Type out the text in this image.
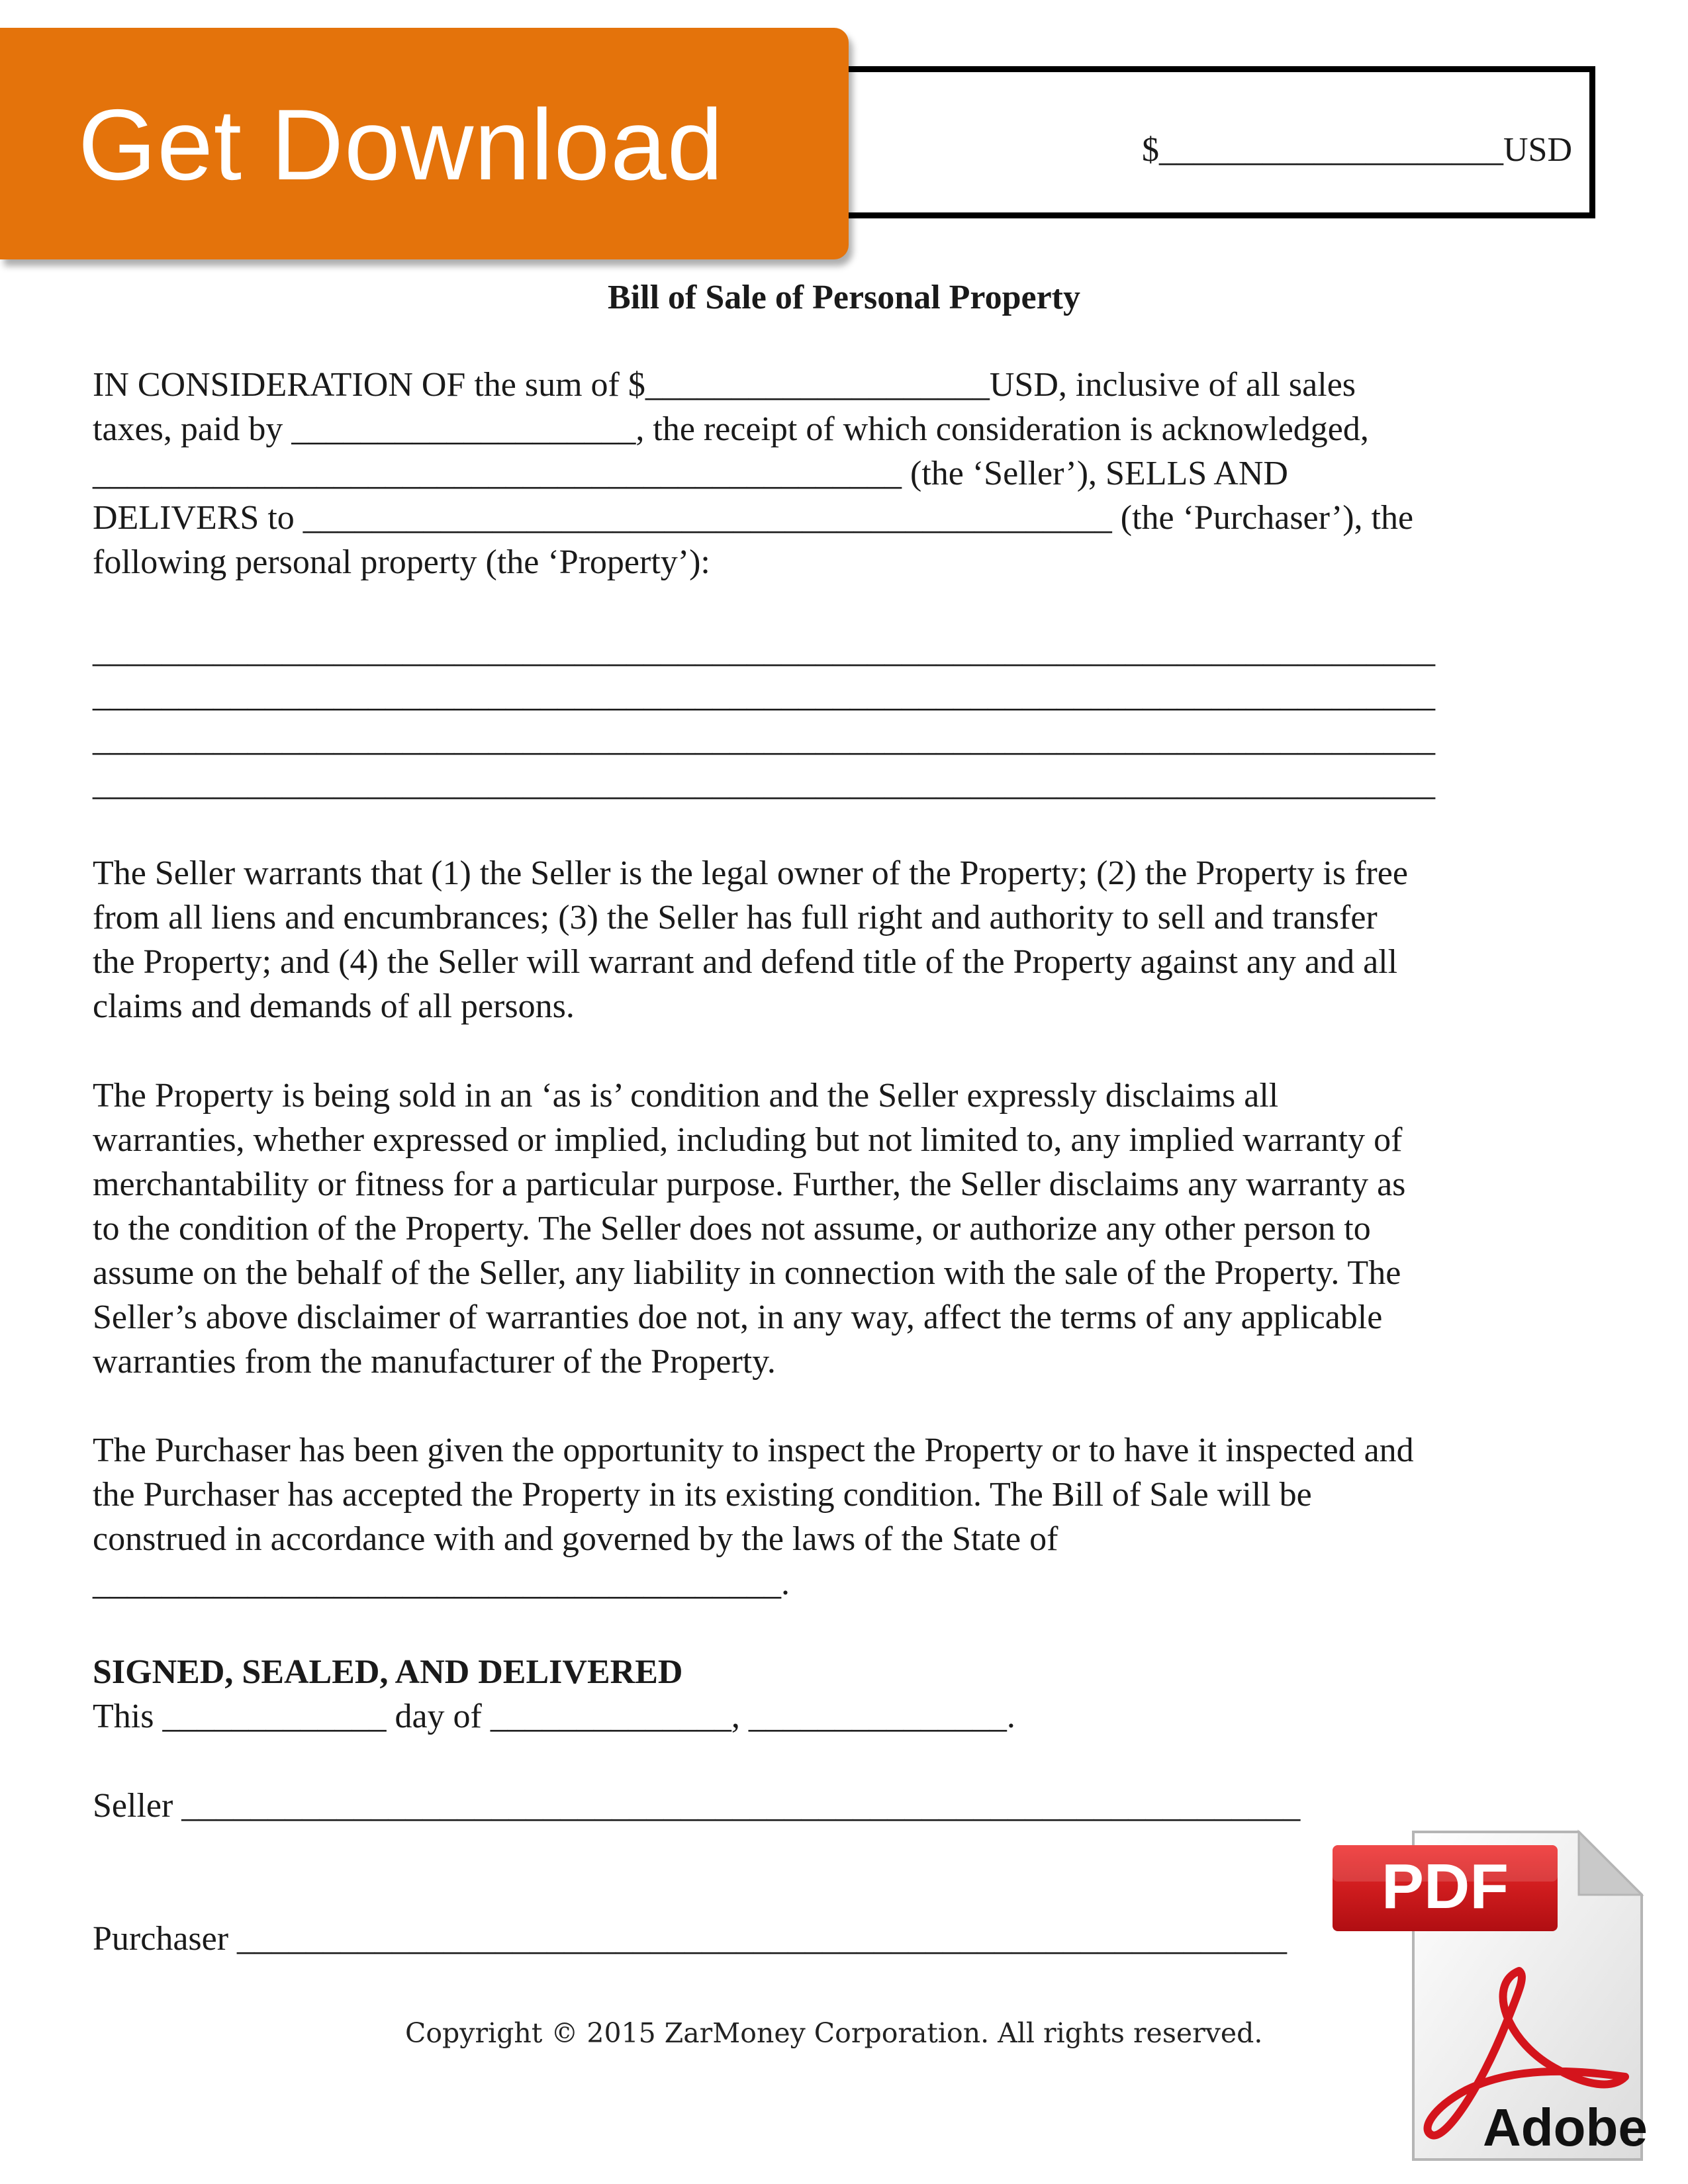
$____________________USD
Get Download
Bill of Sale of Personal Property
IN CONSIDERATION OF the sum of $____________________USD, inclusive of all sales
taxes, paid by ____________________, the receipt of which consideration is acknowledged,
_______________________________________________ (the ‘Seller’), SELLS AND
DELIVERS to _______________________________________________ (the ‘Purchaser’), the
following personal property (the ‘Property’):
______________________________________________________________________________
______________________________________________________________________________
______________________________________________________________________________
______________________________________________________________________________
The Seller warrants that (1) the Seller is the legal owner of the Property; (2) the Property is free
from all liens and encumbrances; (3) the Seller has full right and authority to sell and transfer
the Property; and (4) the Seller will warrant and defend title of the Property against any and all
claims and demands of all persons.
The Property is being sold in an ‘as is’ condition and the Seller expressly disclaims all
warranties, whether expressed or implied, including but not limited to, any implied warranty of
merchantability or fitness for a particular purpose. Further, the Seller disclaims any warranty as
to the condition of the Property. The Seller does not assume, or authorize any other person to
assume on the behalf of the Seller, any liability in connection with the sale of the Property. The
Seller’s above disclaimer of warranties doe not, in any way, affect the terms of any applicable
warranties from the manufacturer of the Property.
The Purchaser has been given the opportunity to inspect the Property or to have it inspected and
the Purchaser has accepted the Property in its existing condition. The Bill of Sale will be
construed in accordance with and governed by the laws of the State of
________________________________________.
SIGNED, SEALED, AND DELIVERED
This _____________ day of ______________, _______________.
Seller _________________________________________________________________
Purchaser _____________________________________________________________
Copyright © 2015 ZarMoney Corporation. All rights reserved.
PDF
Adobe
